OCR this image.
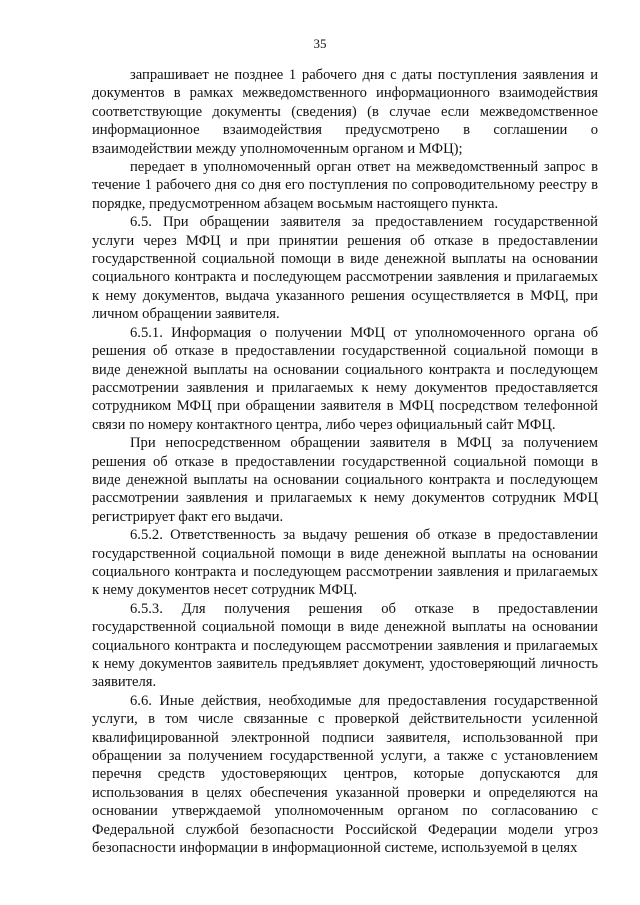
35

запрашивает не позднее 1 рабочего дня с даты поступления заявления и документов в рамках межведомственного информационного взаимодействия соответствующие документы (сведения) (в случае если межведомственное информационное взаимодействия предусмотрено в соглашении о взаимодействии между уполномоченным органом и МФЦ);

передает в уполномоченный орган ответ на межведомственный запрос в течение 1 рабочего дня со дня его поступления по сопроводительному реестру в порядке, предусмотренном абзацем восьмым настоящего пункта.

6.5. При обращении заявителя за предоставлением государственной услуги через МФЦ и при принятии решения об отказе в предоставлении государственной социальной помощи в виде денежной выплаты на основании социального контракта и последующем рассмотрении заявления и прилагаемых к нему документов, выдача указанного решения осуществляется в МФЦ, при личном обращении заявителя.

6.5.1. Информация о получении МФЦ от уполномоченного органа об решения об отказе в предоставлении государственной социальной помощи в виде денежной выплаты на основании социального контракта и последующем рассмотрении заявления и прилагаемых к нему документов предоставляется сотрудником МФЦ при обращении заявителя в МФЦ посредством телефонной связи по номеру контактного центра, либо через официальный сайт МФЦ.

При непосредственном обращении заявителя в МФЦ за получением решения об отказе в предоставлении государственной социальной помощи в виде денежной выплаты на основании социального контракта и последующем рассмотрении заявления и прилагаемых к нему документов сотрудник МФЦ регистрирует факт его выдачи.

6.5.2. Ответственность за выдачу решения об отказе в предоставлении государственной социальной помощи в виде денежной выплаты на основании социального контракта и последующем рассмотрении заявления и прилагаемых к нему документов несет сотрудник МФЦ.

6.5.3. Для получения решения об отказе в предоставлении государственной социальной помощи в виде денежной выплаты на основании социального контракта и последующем рассмотрении заявления и прилагаемых к нему документов заявитель предъявляет документ, удостоверяющий личность заявителя.

6.6. Иные действия, необходимые для предоставления государственной услуги, в том числе связанные с проверкой действительности усиленной квалифицированной электронной подписи заявителя, использованной при обращении за получением государственной услуги, а также с установлением перечня средств удостоверяющих центров, которые допускаются для использования в целях обеспечения указанной проверки и определяются на основании утверждаемой уполномоченным органом по согласованию с Федеральной службой безопасности Российской Федерации модели угроз безопасности информации в информационной системе, используемой в целях
